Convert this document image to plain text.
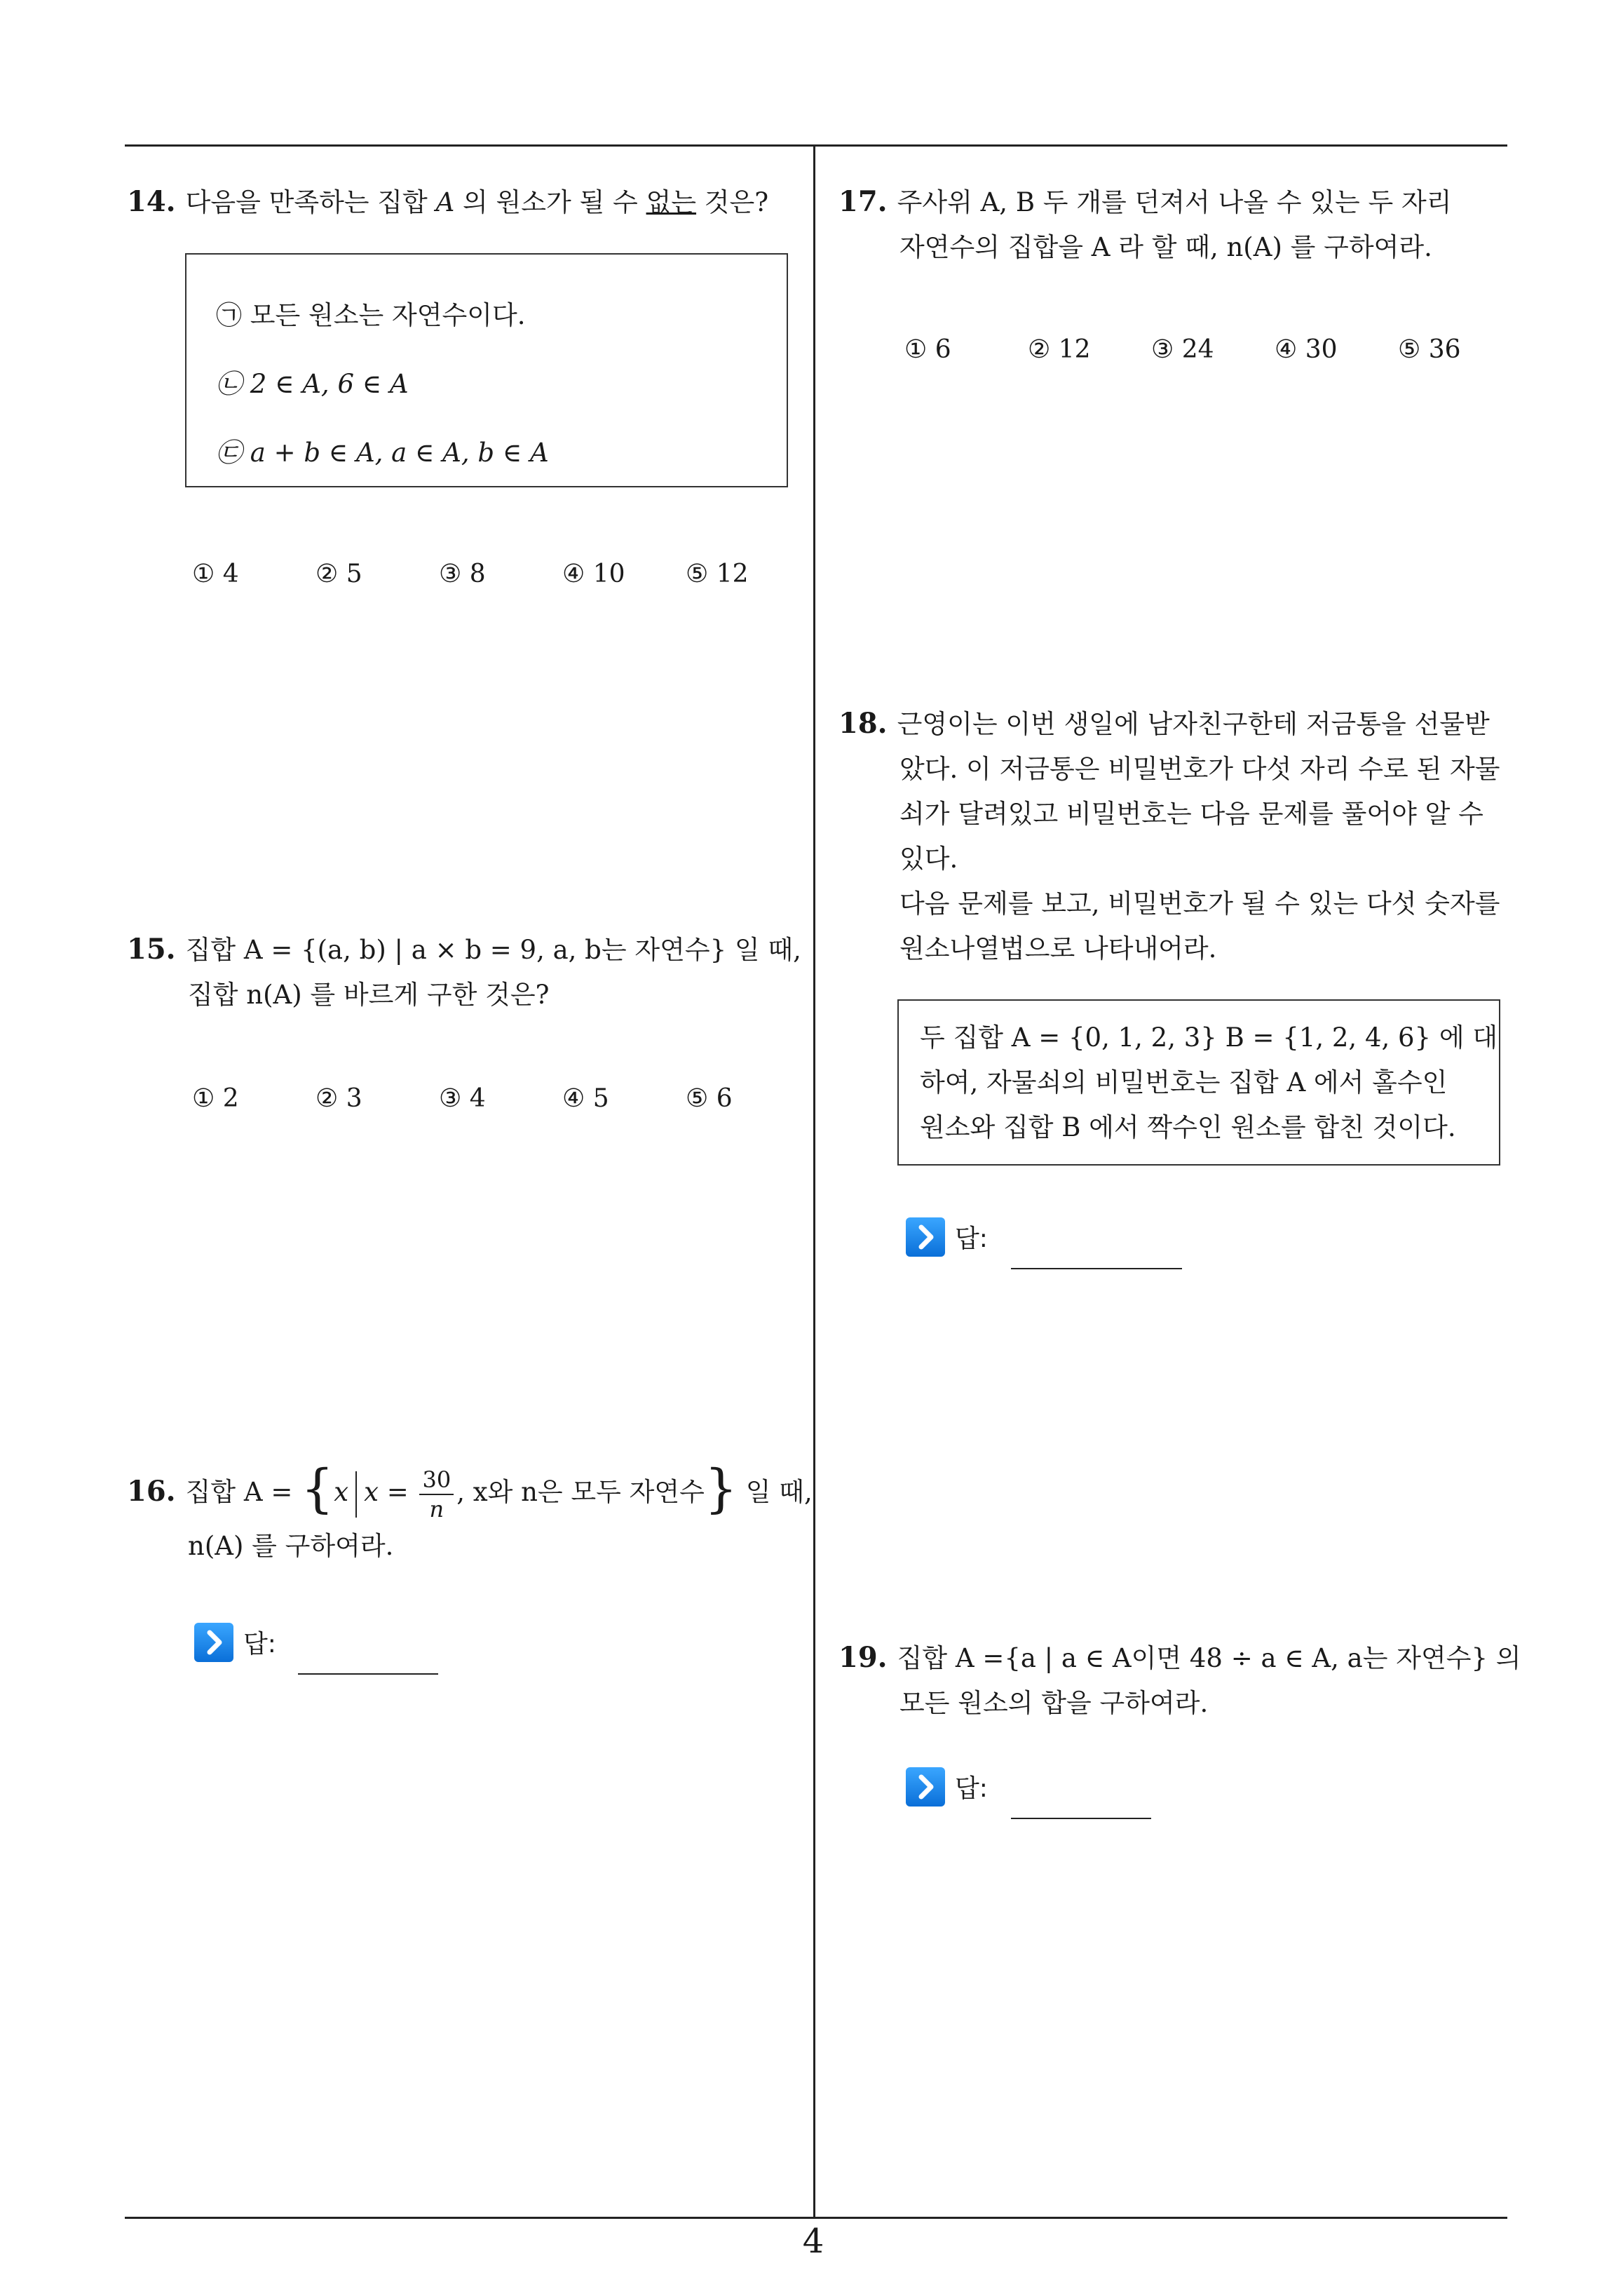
14. 다음을 만족하는 집합 A 의 원소가 될 수 없는 것은?
㉠ 모든 원소는 자연수이다.
㉡ 2 ∈ A, 6 ∈ A
㉢ a + b ∈ A, a ∈ A, b ∈ A
① 4	② 5	③ 8	④ 10 ⑤ 12
15. 집합 A = {(a, b) | a × b = 9, a, b는 자연수} 일 때,
집합 n(A) 를 바르게 구한 것은?
① 2	② 3	③ 4	④ 5	⑤ 6
16. 집합 A = {x $x = \frac{30}{n}$ , x와 n은 모두 자연수} 일 때,
n(A) 를 구하여라.
답:
17. 주사위 A, B 두 개를 던져서 나올 수 있는 두 자리
자연수의 집합을 A 라 할 때, n(A) 를 구하여라.
① 6	② 12 ③ 24 ④ 30 ⑤ 36
18. 근영이는 이번 생일에 남자친구한테 저금통을 선물받
았다. 이 저금통은 비밀번호가 다섯 자리 수로 된 자물
쇠가 달려있고 비밀번호는 다음 문제를 풀어야 알 수
있다.
다음 문제를 보고, 비밀번호가 될 수 있는 다섯 숫자를
원소나열법으로 나타내어라.
두 집합 A = {0, 1, 2, 3} B = {1, 2, 4, 6} 에 대
하여, 자물쇠의 비밀번호는 집합 A 에서 홀수인
원소와 집합 B 에서 짝수인 원소를 합친 것이다.
답:
19. 집합 A ={a | a ∈ A이면 48 ÷ a ∈ A, a는 자연수} 의
모든 원소의 합을 구하여라.
답:
4
